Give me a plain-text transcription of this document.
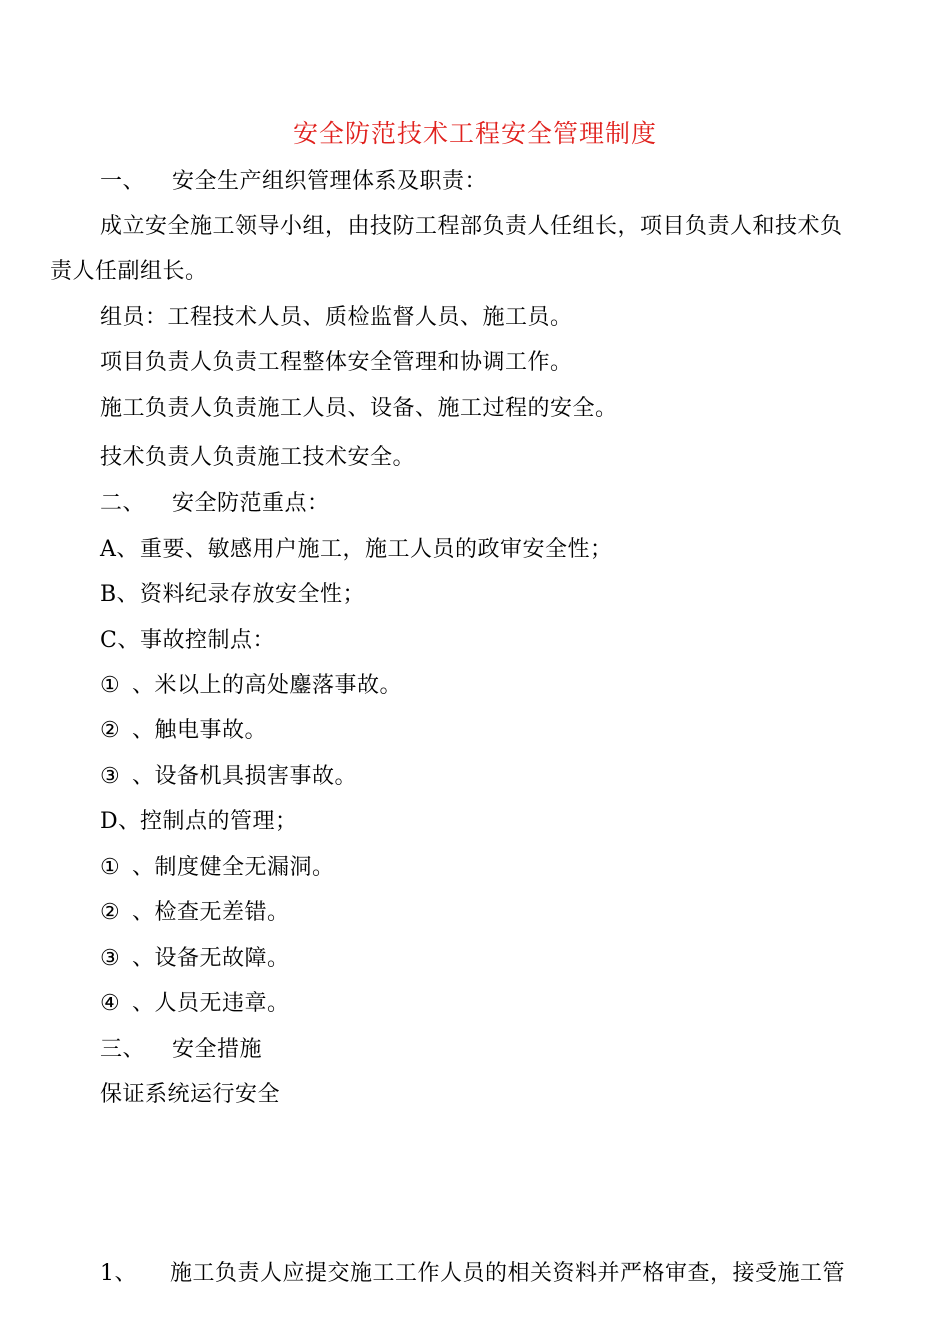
安全防范技术工程安全管理制度
一、 安全生产组织管理体系及职责：
成立安全施工领导小组，由技防工程部负责人任组长，项目负责人和技术负
责人任副组长。
组员：工程技术人员、质检监督人员、施工员。
项目负责人负责工程整体安全管理和协调工作。
施工负责人负责施工人员、设备、施工过程的安全。
技术负责人负责施工技术安全。
二、 安全防范重点：
A、重要、敏感用户施工，施工人员的政审安全性；
B、资料纪录存放安全性；
C、事故控制点：
① 、米以上的高处鏖落事故。
② 、触电事故。
③ 、设备机具损害事故。
D、控制点的管理；
① 、制度健全无漏洞。
② 、检查无差错。
③ 、设备无故障。
④ 、人员无违章。
三、 安全措施
保证系统运行安全
1、 施工负责人应提交施工工作人员的相关资料并严格审查，接受施工管
